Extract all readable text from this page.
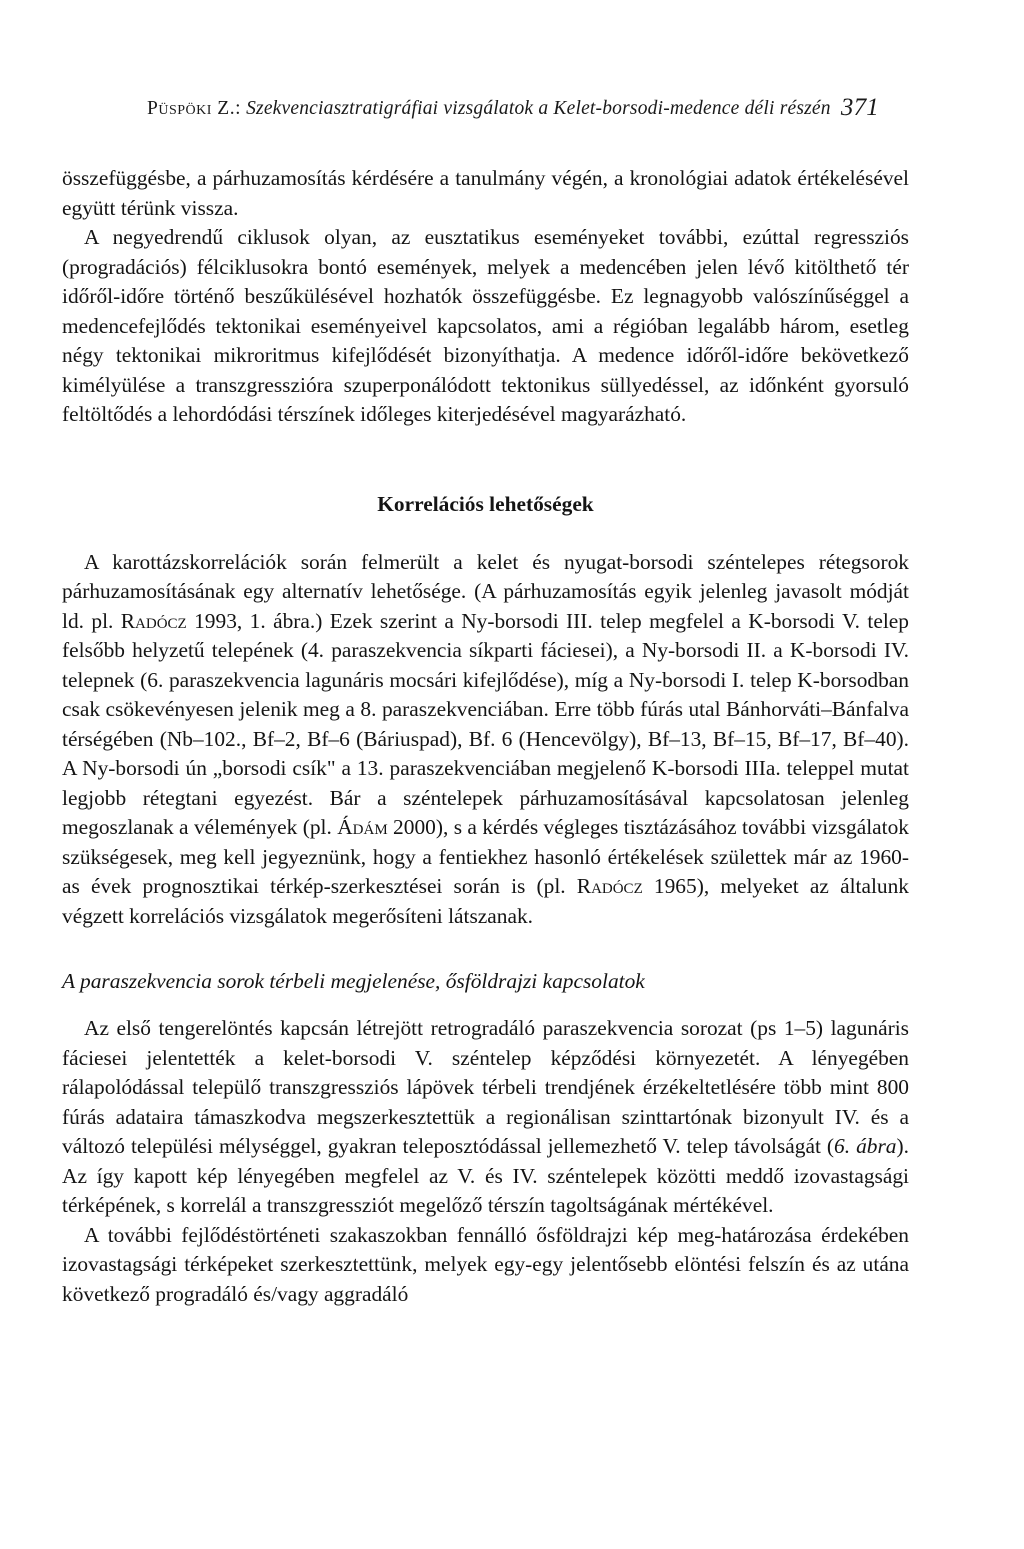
Püspöki Z.: Szekvenciasztratigráfiai vizsgálatok a Kelet-borsodi-medence déli részén 371

összefüggésbe, a párhuzamosítás kérdésére a tanulmány végén, a kronológiai adatok értékelésével együtt térünk vissza.

A negyedrendű ciklusok olyan, az eusztatikus eseményeket további, ezúttal regressziós (progradációs) félciklusokra bontó események, melyek a medencében jelen lévő kitölthető tér időről-időre történő beszűkülésével hozhatók összefüggésbe. Ez legnagyobb valószínűséggel a medencefejlődés tektonikai eseményeivel kapcsolatos, ami a régióban legalább három, esetleg négy tektonikai mikroritmus kifejlődését bizonyíthatja. A medence időről-időre bekövetkező kimélyülése a transzgresszióra szuperponálódott tektonikus süllyedéssel, az időnként gyorsuló feltöltődés a lehordódási térszínek időleges kiterjedésével magyarázható.

Korrelációs lehetőségek

A karottázskorrelációk során felmerült a kelet és nyugat-borsodi széntelepes rétegsorok párhuzamosításának egy alternatív lehetősége. (A párhuzamosítás egyik jelenleg javasolt módját ld. pl. Radócz 1993, 1. ábra.) Ezek szerint a Ny-borsodi III. telep megfelel a K-borsodi V. telep felsőbb helyzetű telepének (4. paraszekvencia síkparti fáciesei), a Ny-borsodi II. a K-borsodi IV. telepnek (6. paraszekvencia lagunáris mocsári kifejlődése), míg a Ny-borsodi I. telep K-borsodban csak csökevényesen jelenik meg a 8. paraszekvenciában. Erre több fúrás utal Bánhorváti–Bánfalva térségében (Nb–102., Bf–2, Bf–6 (Báriuspad), Bf. 6 (Hencevölgy), Bf–13, Bf–15, Bf–17, Bf–40). A Ny-borsodi ún „borsodi csík" a 13. paraszekvenciában megjelenő K-borsodi IIIa. teleppel mutat legjobb rétegtani egyezést. Bár a széntelepek párhuzamosításával kapcsolatosan jelenleg megoszlanak a vélemények (pl. Ádám 2000), s a kérdés végleges tisztázásához további vizsgálatok szükségesek, meg kell jegyeznünk, hogy a fentiekhez hasonló értékelések születtek már az 1960-as évek prognosztikai térkép-szerkesztései során is (pl. Radócz 1965), melyeket az általunk végzett korrelációs vizsgálatok megerősíteni látszanak.

A paraszekvencia sorok térbeli megjelenése, ősföldrajzi kapcsolatok

Az első tengerelöntés kapcsán létrejött retrogradáló paraszekvencia sorozat (ps 1–5) lagunáris fáciesei jelentették a kelet-borsodi V. széntelep képződési környezetét. A lényegében rálapolódással települő transzgressziós lápövek térbeli trendjének érzékeltetlésére több mint 800 fúrás adataira támaszkodva megszerkesztettük a regionálisan szinttartónak bizonyult IV. és a változó települési mélységgel, gyakran teleposztódással jellemezhető V. telep távolságát (6. ábra). Az így kapott kép lényegében megfelel az V. és IV. széntelepek közötti meddő izovastagsági térképének, s korrelál a transzgressziót megelőző térszín tagoltságának mértékével.

A további fejlődéstörténeti szakaszokban fennálló ősföldrajzi kép meg-határozása érdekében izovastagsági térképeket szerkesztettünk, melyek egy-egy jelentősebb elöntési felszín és az utána következő progradáló és/vagy aggradáló
